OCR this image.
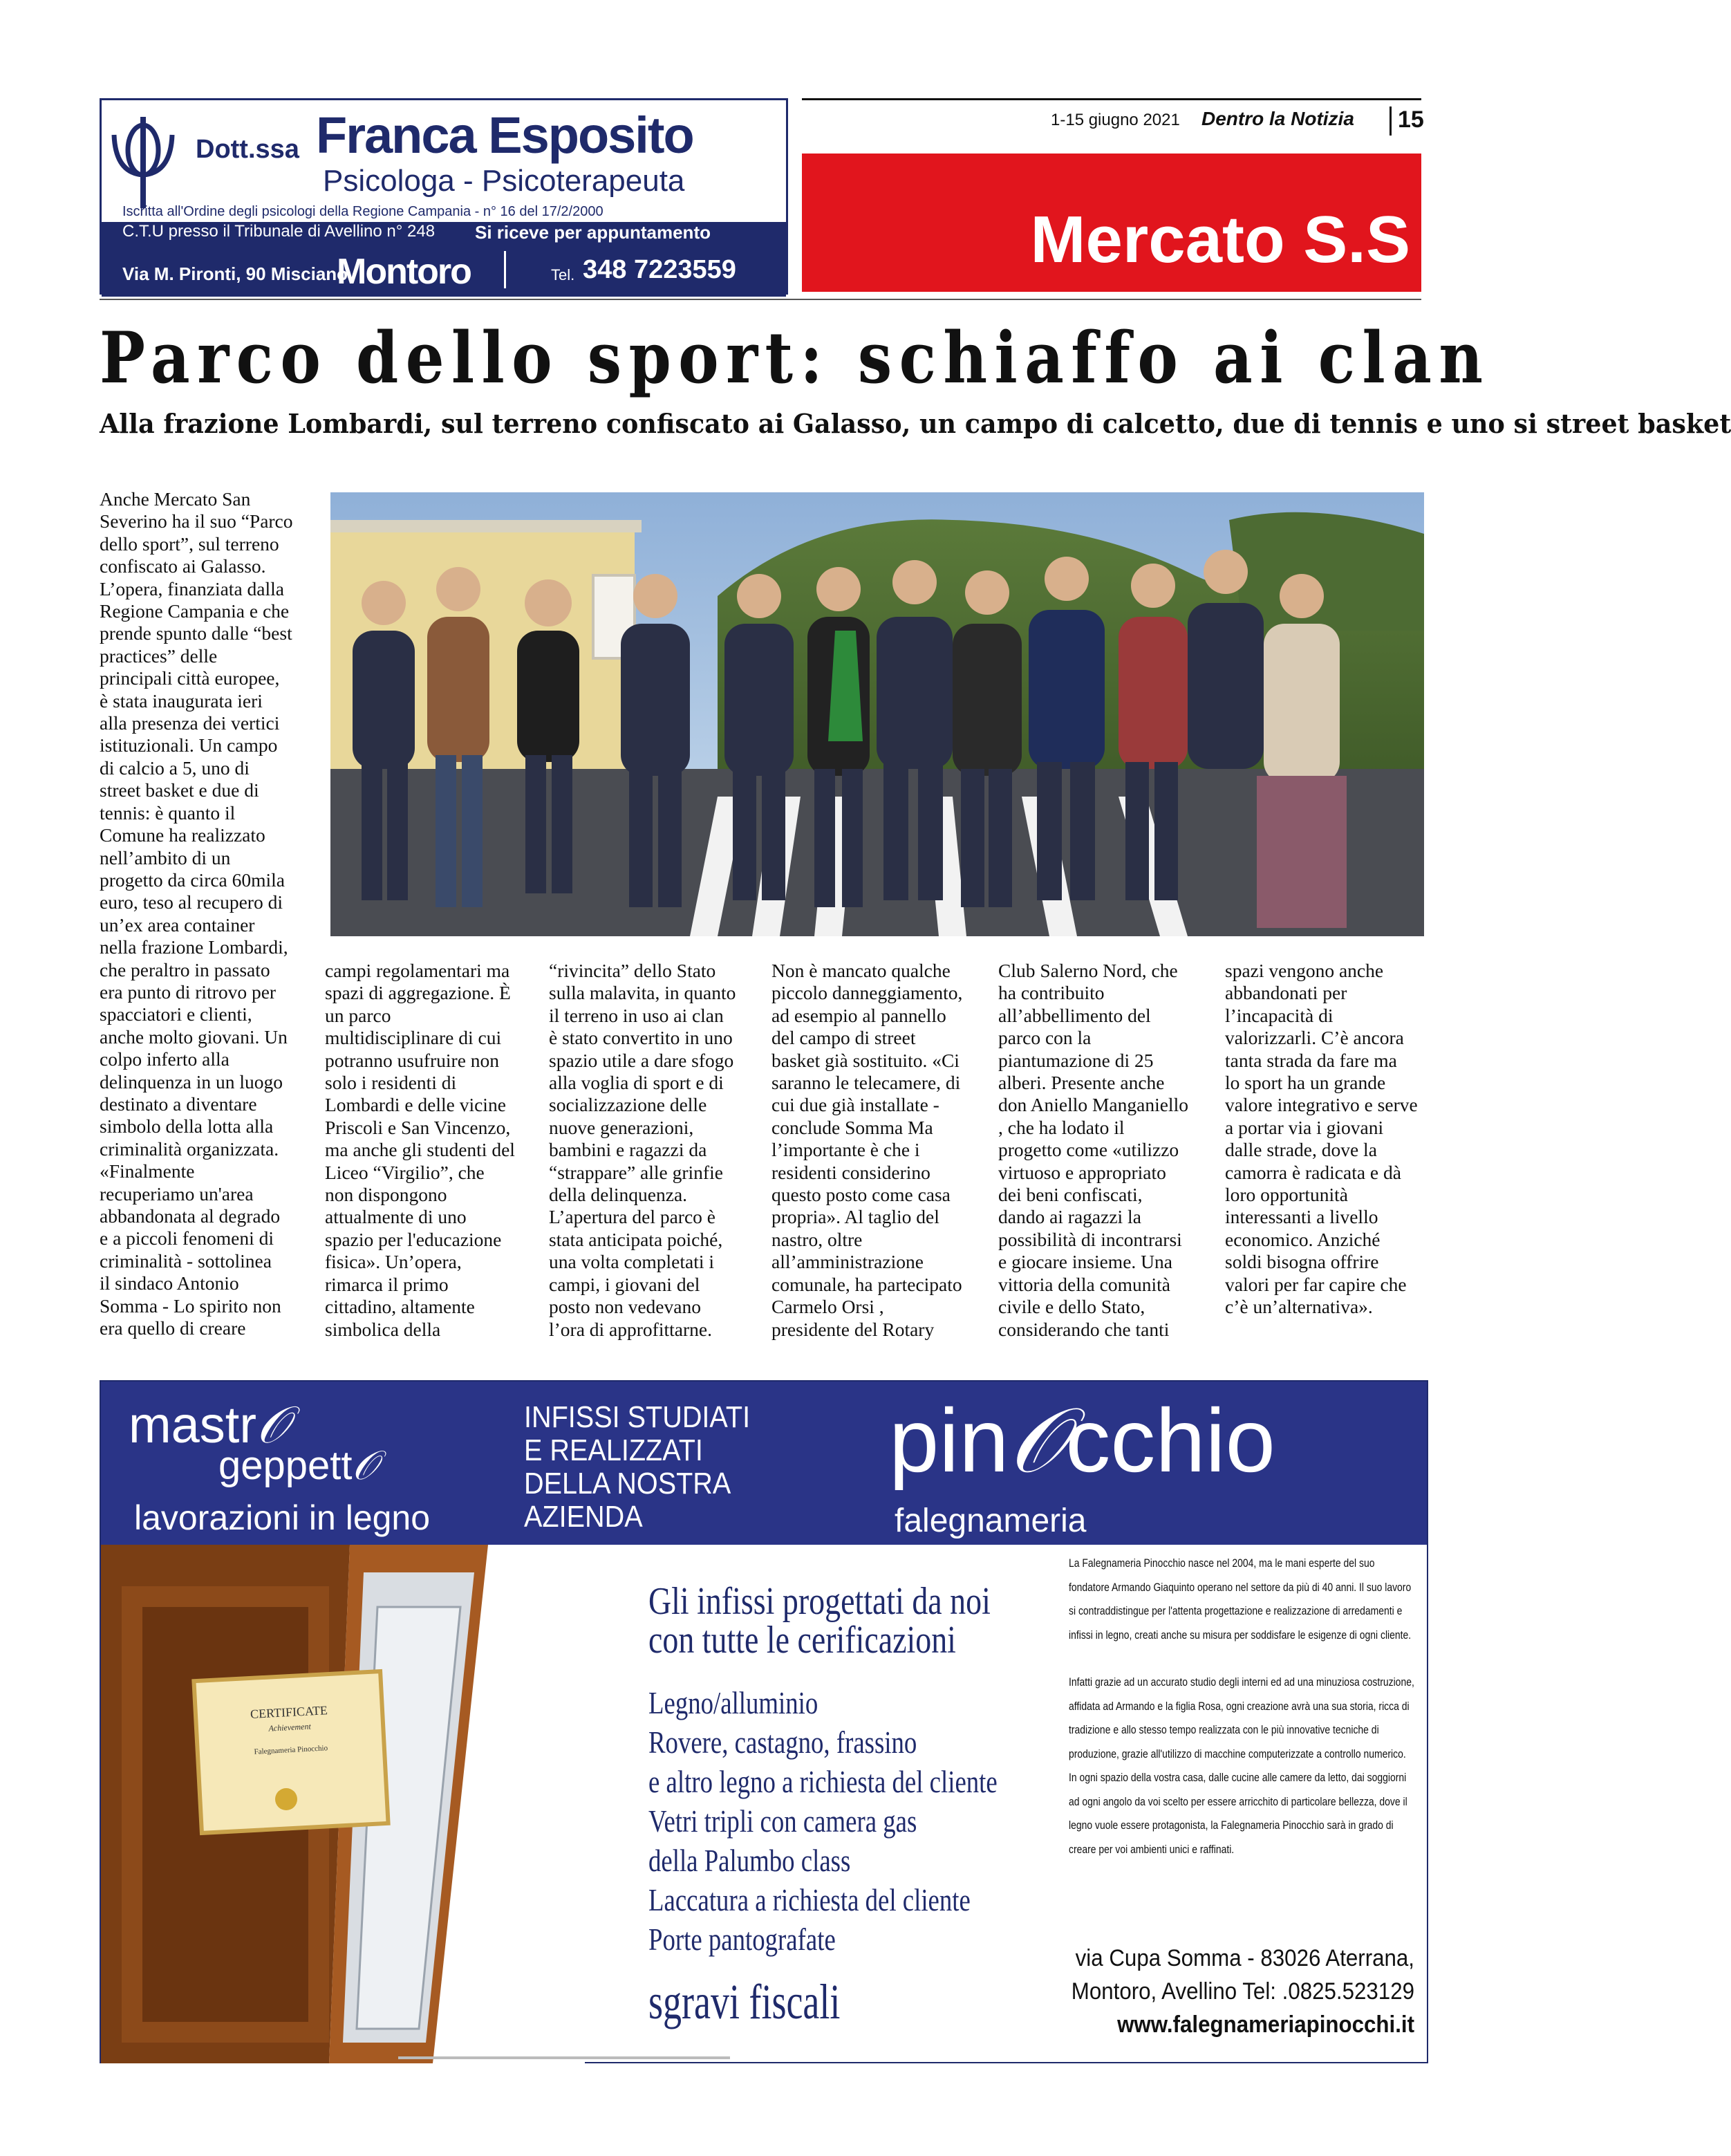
Dott.ssa Franca Esposito
Psicologa - Psicoterapeuta
Iscritta all'Ordine degli psicologi della Regione Campania - n° 16 del 17/2/2000
C.T.U presso il Tribunale di Avellino n° 248 Si riceve per appuntamento
Via M. Pironti, 90 Misciano
Montoro	Tel. 348 7223559
1-15 giugno 2021 Dentro la Notizia 15
Mercato S.S
Parco dello sport: schiaffo ai clan
Alla frazione Lombardi, sul terreno confiscato ai Galasso, un campo di calcetto, due di tennis e uno si street basket

Anche Mercato San

Severino ha il suo “Parco

dello sport”, sul terreno

confiscato ai Galasso.

L’opera, finanziata dalla

Regione Campania e che

prende spunto dalle “best

practices” delle

principali città europee,

è stata inaugurata ieri

alla presenza dei vertici

istituzionali. Un campo

di calcio a 5, uno di

street basket e due di

tennis: è quanto il

Comune ha realizzato

nell’ambito di un

progetto da circa 60mila

euro, teso al recupero di

un’ex area container

nella frazione Lombardi,

che peraltro in passato

era punto di ritrovo per

spacciatori e clienti,

anche molto giovani. Un

colpo inferto alla

delinquenza in un luogo

destinato a diventare

simbolo della lotta alla

criminalità organizzata.

«Finalmente

recuperiamo un'area

abbandonata al degrado

e a piccoli fenomeni di

criminalità - sottolinea

il sindaco Antonio

Somma - Lo spirito non

era quello di creare

campi regolamentari ma

spazi di aggregazione. È

un parco

multidisciplinare di cui

potranno usufruire non

solo i residenti di

Lombardi e delle vicine

Priscoli e San Vincenzo,

ma anche gli studenti del

Liceo “Virgilio”, che

non dispongono

attualmente di uno

spazio per l'educazione

fisica». Un’opera,

rimarca il primo

cittadino, altamente

simbolica della

“rivincita” dello Stato

sulla malavita, in quanto

il terreno in uso ai clan

è stato convertito in uno

spazio utile a dare sfogo

alla voglia di sport e di

socializzazione delle

nuove generazioni,

bambini e ragazzi da

“strappare” alle grinfie

della delinquenza.

L’apertura del parco è

stata anticipata poiché,

una volta completati i

campi, i giovani del

posto non vedevano

l’ora di approfittarne.

Non è mancato qualche

piccolo danneggiamento,

ad esempio al pannello

del campo di street

basket già sostituito. «Ci

saranno le telecamere, di

cui due già installate -

conclude Somma Ma

l’importante è che i

residenti considerino

questo posto come casa

propria». Al taglio del

nastro, oltre

all’amministrazione

comunale, ha partecipato

Carmelo Orsi ,

presidente del Rotary

Club Salerno Nord, che

ha contribuito

all’abbellimento del

parco con la

piantumazione di 25

alberi. Presente anche

don Aniello Manganiello

, che ha lodato il

progetto come «utilizzo

virtuoso e appropriato

dei beni confiscati,

dando ai ragazzi la

possibilità di incontrarsi

e giocare insieme. Una

vittoria della comunità

civile e dello Stato,

considerando che tanti

spazi vengono anche

abbandonati per

l’incapacità di

valorizzarli. C’è ancora

tanta strada da fare ma

lo sport ha un grande

valore integrativo e serve

a portar via i giovani

dalle strade, dove la

camorra è radicata e dà

loro opportunità

interessanti a livello

economico. Anziché

soldi bisogna offrire

valori per far capire che

c’è un’alternativa».

mastr𝒪
geppett𝒪
lavorazioni in legno
INFISSI STUDIATI
E REALIZZATI
DELLA NOSTRA
AZIENDA
pin𝒪cchio
falegnameria
CERTIFICATE
Achievement
Falegnameria Pinocchio
Gli infissi progettati da noi
con tutte le cerificazioni
Legno/alluminio
Rovere, castagno, frassino
e altro legno a richiesta del cliente
Vetri tripli con camera gas
della Palumbo class
Laccatura a richiesta del cliente
Porte pantografate
sgravi fiscali

La Falegnameria Pinocchio nasce nel 2004, ma le mani esperte del suo fondatore Armando Giaquinto operano nel settore da più di 40 anni. Il suo lavoro si contraddistingue per l'attenta progettazione e realizzazione di arredamenti e infissi in legno, creati anche su misura per soddisfare le esigenze di ogni cliente.

Infatti grazie ad un accurato studio degli interni ed ad una minuziosa costruzione, affidata ad Armando e la figlia Rosa, ogni creazione avrà una sua storia, ricca di tradizione e allo stesso tempo realizzata con le più innovative tecniche di produzione, grazie all'utilizzo di macchine computerizzate a controllo numerico. In ogni spazio della vostra casa, dalle cucine alle camere da letto, dai soggiorni ad ogni angolo da voi scelto per essere arricchito di particolare bellezza, dove il legno vuole essere protagonista, la Falegnameria Pinocchio sarà in grado di creare per voi ambienti unici e raffinati.

via Cupa Somma - 83026 Aterrana,
Montoro, Avellino Tel: .0825.523129
www.falegnameriapinocchi.it
